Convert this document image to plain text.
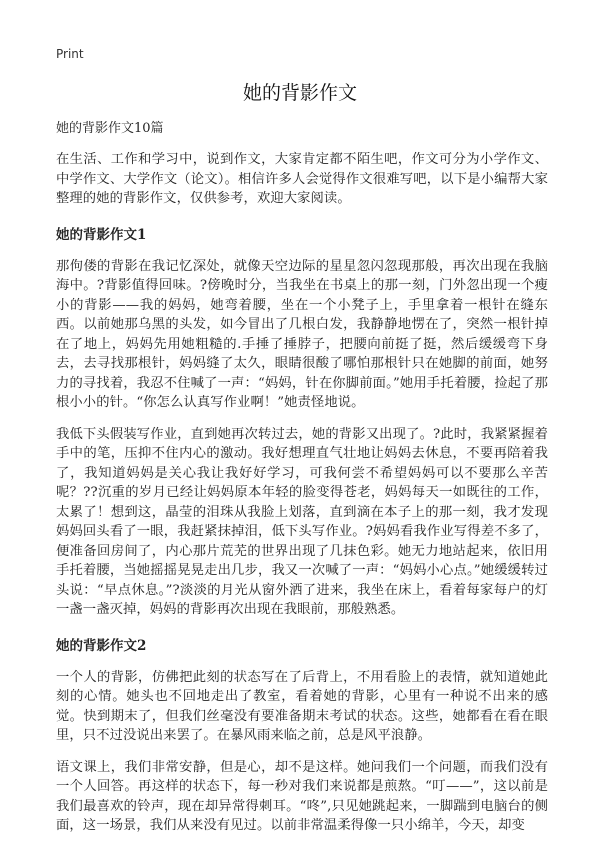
Print
她的背影作文
她的背影作文10篇

在生活、工作和学习中，说到作文，大家肯定都不陌生吧，作文可分为小学作文、中学作文、大学作文（论文）。相信许多人会觉得作文很难写吧，以下是小编帮大家整理的她的背影作文，仅供参考，欢迎大家阅读。

她的背影作文1

那佝偻的背影在我记忆深处，就像天空边际的星星忽闪忽现那般，再次出现在我脑海中。?背影值得回味。?傍晚时分，当我坐在书桌上的那一刻，门外忽出现一个瘦小的背影——我的妈妈，她弯着腰，坐在一个小凳子上，手里拿着一根针在缝东西。以前她那乌黑的头发，如今冒出了几根白发，我静静地愣在了，突然一根针掉在了地上，妈妈先用她粗糙的.手捶了捶脖子，把腰向前挺了挺，然后缓缓弯下身去，去寻找那根针，妈妈缝了太久，眼睛很酸了哪怕那根针只在她脚的前面，她努力的寻找着，我忍不住喊了一声：“妈妈，针在你脚前面。”她用手托着腰，捡起了那根小小的针。“你怎么认真写作业啊！”她责怪地说。

我低下头假装写作业，直到她再次转过去，她的背影又出现了。?此时，我紧紧握着手中的笔，压抑不住内心的激动。我好想理直气壮地让妈妈去休息，不要再陪着我了，我知道妈妈是关心我让我好好学习，可我何尝不希望妈妈可以不要那么辛苦呢？??沉重的岁月已经让妈妈原本年轻的脸变得苍老，妈妈每天一如既往的工作，太累了！想到这，晶莹的泪珠从我脸上划落，直到滴在本子上的那一刻，我才发现妈妈回头看了一眼，我赶紧抹掉泪，低下头写作业。?妈妈看我作业写得差不多了，便准备回房间了，内心那片荒芜的世界出现了几抹色彩。她无力地站起来，依旧用手托着腰，当她摇摇晃晃走出几步，我又一次喊了一声：“妈妈小心点。”她缓缓转过头说：“早点休息。”?淡淡的月光从窗外洒了进来，我坐在床上，看着每家每户的灯一盏一盏灭掉，妈妈的背影再次出现在我眼前，那般熟悉。

她的背影作文2

一个人的背影，仿佛把此刻的状态写在了后背上，不用看脸上的表情，就知道她此刻的心情。她头也不回地走出了教室，看着她的背影，心里有一种说不出来的感觉。快到期末了，但我们丝毫没有要准备期末考试的状态。这些，她都看在看在眼里，只不过没说出来罢了。在暴风雨来临之前，总是风平浪静。

语文课上，我们非常安静，但是心，却不是这样。她问我们一个问题，而我们没有一个人回答。再这样的状态下，每一秒对我们来说都是煎熬。“叮——”，这以前是我们最喜欢的铃声，现在却异常得刺耳。“咚”,只见她跳起来，一脚踹到电脑台的侧面，这一场景，我们从来没有见过。以前非常温柔得像一只小绵羊，今天，却变
